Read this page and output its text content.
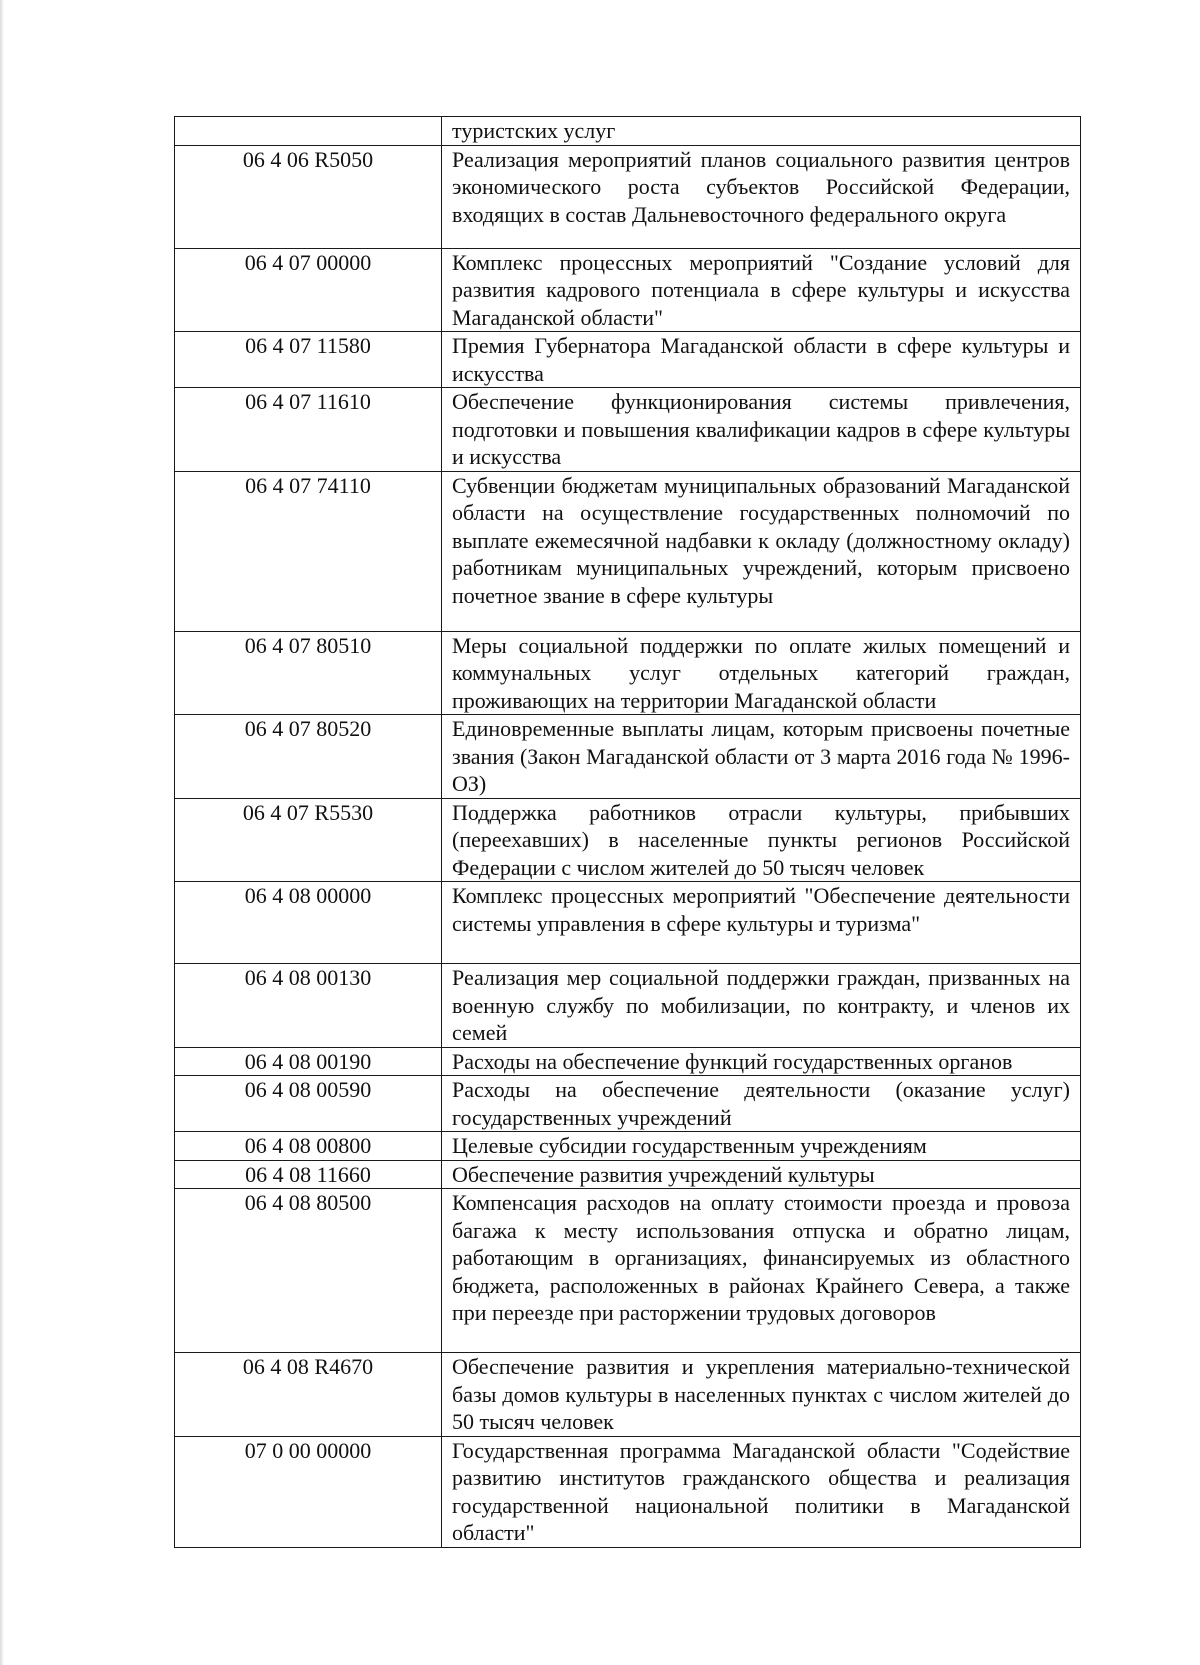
	туристских услуг
06 4 06 R5050	Реализация мероприятий планов социального развития центров экономического роста субъектов Российской Федерации, входящих в состав Дальневосточного федерального округа
06 4 07 00000	Комплекс процессных мероприятий "Создание условий для развития кадрового потенциала в сфере культуры и искусства Магаданской области"
06 4 07 11580	Премия Губернатора Магаданской области в сфере культуры и искусства
06 4 07 11610	Обеспечение функционирования системы привлечения, подготовки и повышения квалификации кадров в сфере культуры и искусства
06 4 07 74110	Субвенции бюджетам муниципальных образований Магаданской области на осуществление государственных полномочий по выплате ежемесячной надбавки к окладу (должностному окладу) работникам муниципальных учреждений, которым присвоено почетное звание в сфере культуры
06 4 07 80510	Меры социальной поддержки по оплате жилых помещений и коммунальных услуг отдельных категорий граждан, проживающих на территории Магаданской области
06 4 07 80520	Единовременные выплаты лицам, которым присвоены почетные звания (Закон Магаданской области от 3 марта 2016 года № 1996-ОЗ)
06 4 07 R5530	Поддержка работников отрасли культуры, прибывших (переехавших) в населенные пункты регионов Российской Федерации с числом жителей до 50 тысяч человек
06 4 08 00000	Комплекс процессных мероприятий "Обеспечение деятельности системы управления в сфере культуры и туризма"
06 4 08 00130	Реализация мер социальной поддержки граждан, призванных на военную службу по мобилизации, по контракту, и членов их семей
06 4 08 00190	Расходы на обеспечение функций государственных органов
06 4 08 00590	Расходы на обеспечение деятельности (оказание услуг) государственных учреждений
06 4 08 00800	Целевые субсидии государственным учреждениям
06 4 08 11660	Обеспечение развития учреждений культуры
06 4 08 80500	Компенсация расходов на оплату стоимости проезда и провоза багажа к месту использования отпуска и обратно лицам, работающим в организациях, финансируемых из областного бюджета, расположенных в районах Крайнего Севера, а также при переезде при расторжении трудовых договоров
06 4 08 R4670	Обеспечение развития и укрепления материально-технической базы домов культуры в населенных пунктах с числом жителей до 50 тысяч человек
07 0 00 00000	Государственная программа Магаданской области "Содействие развитию институтов гражданского общества и реализация государственной национальной политики в Магаданской области"
